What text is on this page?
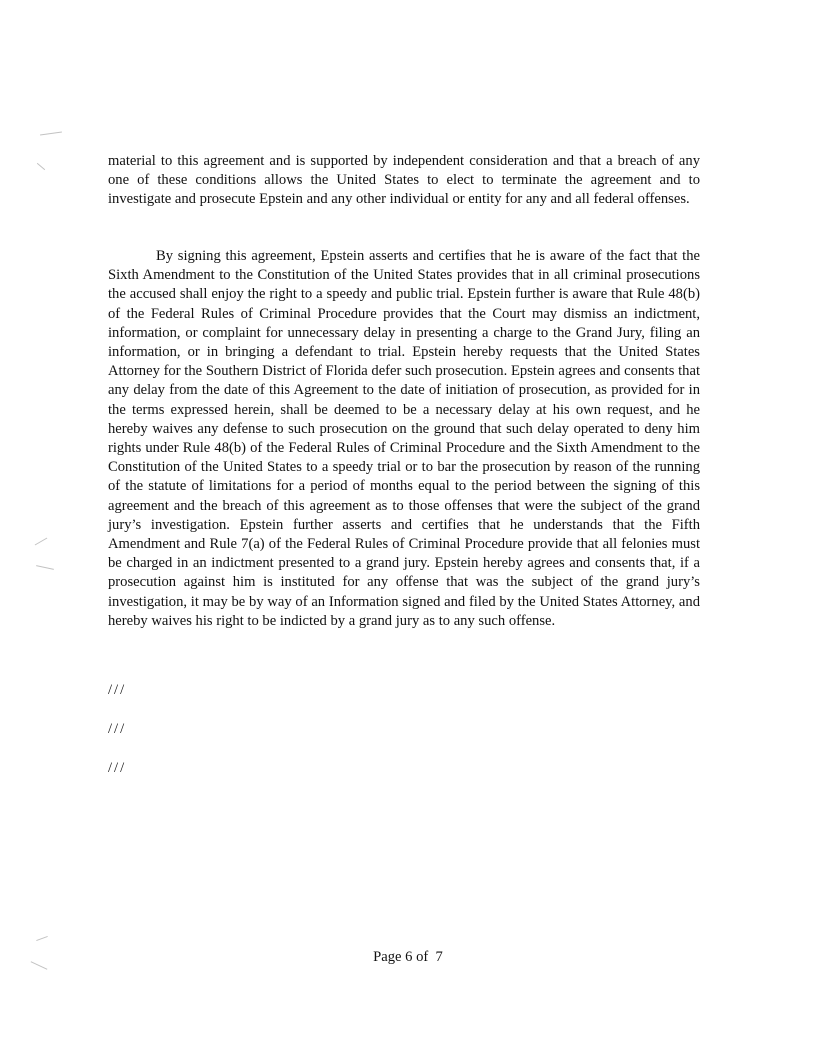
material to this agreement and is supported by independent consideration and that a breach of any one of these conditions allows the United States to elect to terminate the agreement and to investigate and prosecute Epstein and any other individual or entity for any and all federal offenses.

By signing this agreement, Epstein asserts and certifies that he is aware of the fact that the Sixth Amendment to the Constitution of the United States provides that in all criminal prosecutions the accused shall enjoy the right to a speedy and public trial. Epstein further is aware that Rule 48(b) of the Federal Rules of Criminal Procedure provides that the Court may dismiss an indictment, information, or complaint for unnecessary delay in presenting a charge to the Grand Jury, filing an information, or in bringing a defendant to trial. Epstein hereby requests that the United States Attorney for the Southern District of Florida defer such prosecution. Epstein agrees and consents that any delay from the date of this Agreement to the date of initiation of prosecution, as provided for in the terms expressed herein, shall be deemed to be a necessary delay at his own request, and he hereby waives any defense to such prosecution on the ground that such delay operated to deny him rights under Rule 48(b) of the Federal Rules of Criminal Procedure and the Sixth Amendment to the Constitution of the United States to a speedy trial or to bar the prosecution by reason of the running of the statute of limitations for a period of months equal to the period between the signing of this agreement and the breach of this agreement as to those offenses that were the subject of the grand jury’s investigation. Epstein further asserts and certifies that he understands that the Fifth Amendment and Rule 7(a) of the Federal Rules of Criminal Procedure provide that all felonies must be charged in an indictment presented to a grand jury. Epstein hereby agrees and consents that, if a prosecution against him is instituted for any offense that was the subject of the grand jury’s investigation, it may be by way of an Information signed and filed by the United States Attorney, and hereby waives his right to be indicted by a grand jury as to any such offense.

///

///

///

Page 6 of  7
